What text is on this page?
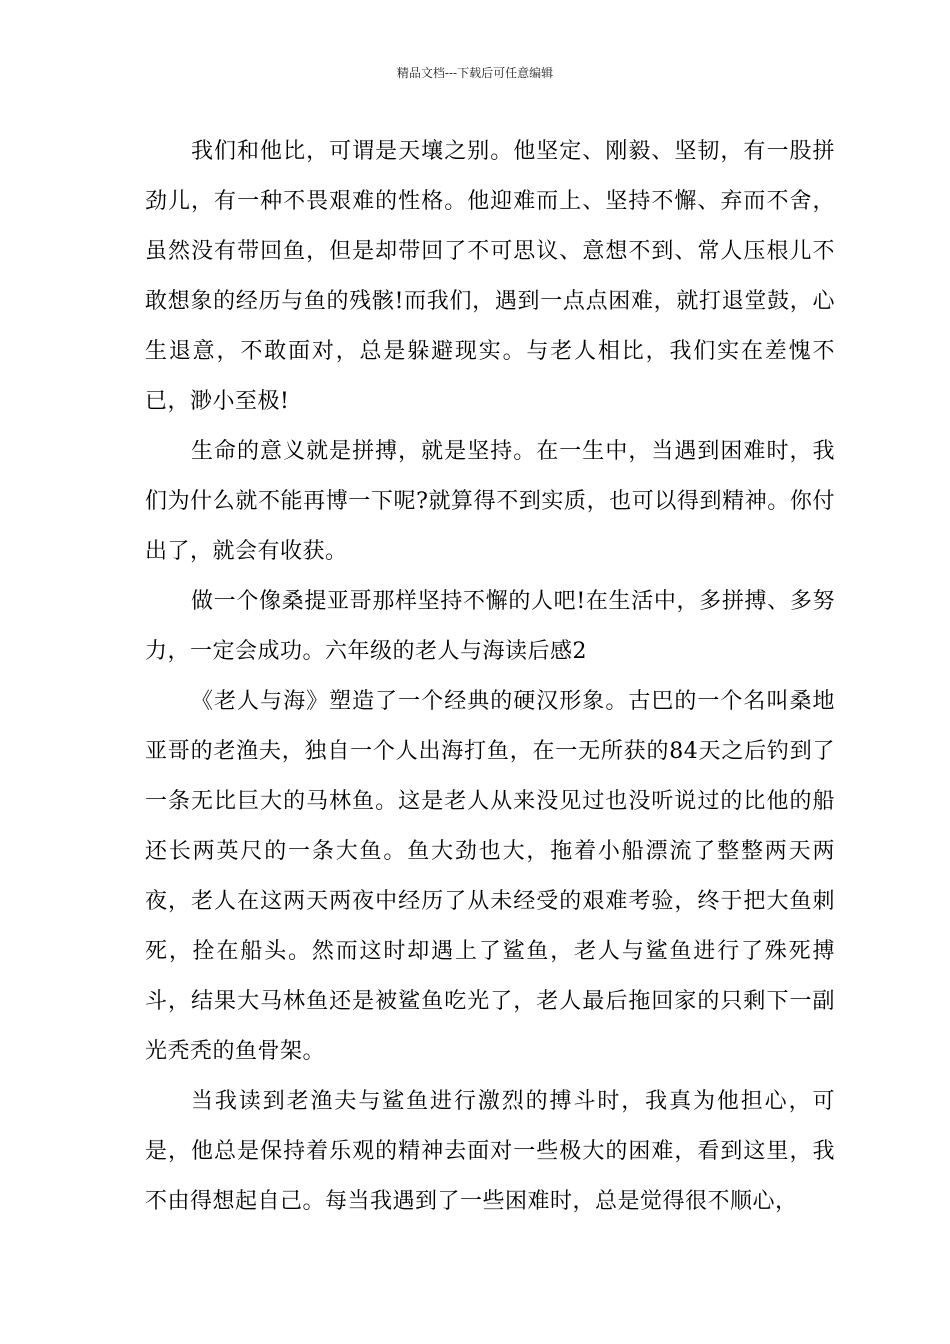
精品文档---下载后可任意编辑

我们和他比，可谓是天壤之别。他坚定、刚毅、坚韧，有一股拼劲儿，有一种不畏艰难的性格。他迎难而上、坚持不懈、弃而不舍，虽然没有带回鱼，但是却带回了不可思议、意想不到、常人压根儿不敢想象的经历与鱼的残骸!而我们，遇到一点点困难，就打退堂鼓，心生退意，不敢面对，总是躲避现实。与老人相比，我们实在差愧不已，渺小至极!

生命的意义就是拼搏，就是坚持。在一生中，当遇到困难时，我们为什么就不能再博一下呢?就算得不到实质，也可以得到精神。你付出了，就会有收获。

做一个像桑提亚哥那样坚持不懈的人吧!在生活中，多拼搏、多努力，一定会成功。六年级的老人与海读后感2

《老人与海》塑造了一个经典的硬汉形象。古巴的一个名叫桑地亚哥的老渔夫，独自一个人出海打鱼，在一无所获的84天之后钓到了一条无比巨大的马林鱼。这是老人从来没见过也没听说过的比他的船还长两英尺的一条大鱼。鱼大劲也大，拖着小船漂流了整整两天两夜，老人在这两天两夜中经历了从未经受的艰难考验，终于把大鱼刺死，拴在船头。然而这时却遇上了鲨鱼，老人与鲨鱼进行了殊死搏斗，结果大马林鱼还是被鲨鱼吃光了，老人最后拖回家的只剩下一副光秃秃的鱼骨架。

当我读到老渔夫与鲨鱼进行激烈的搏斗时，我真为他担心，可是，他总是保持着乐观的精神去面对一些极大的困难，看到这里，我不由得想起自己。每当我遇到了一些困难时，总是觉得很不顺心，
